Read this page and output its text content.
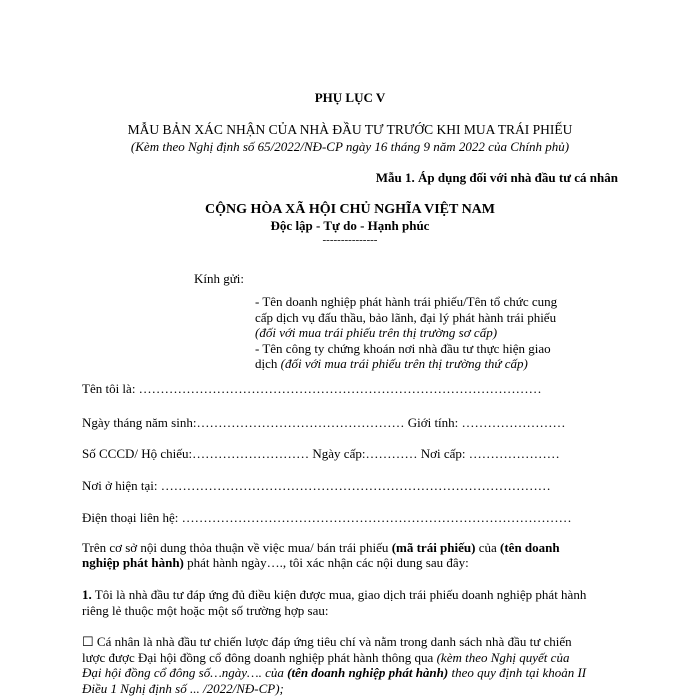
PHỤ LỤC V
MẪU BẢN XÁC NHẬN CỦA NHÀ ĐẦU TƯ TRƯỚC KHI MUA TRÁI PHIẾU
(Kèm theo Nghị định số 65/2022/NĐ-CP ngày 16 tháng 9 năm 2022 của Chính phủ)
Mẫu 1. Áp dụng đối với nhà đầu tư cá nhân
CỘNG HÒA XÃ HỘI CHỦ NGHĨA VIỆT NAM
Độc lập - Tự do - Hạnh phúc
---------------
Kính gửi:
- Tên doanh nghiệp phát hành trái phiếu/Tên tổ chức cung
cấp dịch vụ đấu thầu, bảo lãnh, đại lý phát hành trái phiếu
(đối với mua trái phiếu trên thị trường sơ cấp)
- Tên công ty chứng khoán nơi nhà đầu tư thực hiện giao
dịch (đối với mua trái phiếu trên thị trường thứ cấp)
Tên tôi là: …………………………………………………………………………………
Ngày tháng năm sinh:………………………………………… Giới tính: ……………………
Số CCCD/ Hộ chiếu:……………………… Ngày cấp:………… Nơi cấp: …………………
Nơi ở hiện tại: ………………………………………………………………………………
Điện thoại liên hệ: ………………………………………………………………………………
Trên cơ sở nội dung thỏa thuận về việc mua/ bán trái phiếu (mã trái phiếu) của (tên doanh
nghiệp phát hành) phát hành ngày…., tôi xác nhận các nội dung sau đây:
1. Tôi là nhà đầu tư đáp ứng đủ điều kiện được mua, giao dịch trái phiếu doanh nghiệp phát hành
riêng lẻ thuộc một hoặc một số trường hợp sau:
☐ Cá nhân là nhà đầu tư chiến lược đáp ứng tiêu chí và nằm trong danh sách nhà đầu tư chiến
lược được Đại hội đồng cổ đông doanh nghiệp phát hành thông qua (kèm theo Nghị quyết của
Đại hội đồng cổ đông số…ngày…. của (tên doanh nghiệp phát hành) theo quy định tại khoản II
Điều 1 Nghị định số ... /2022/NĐ-CP);
